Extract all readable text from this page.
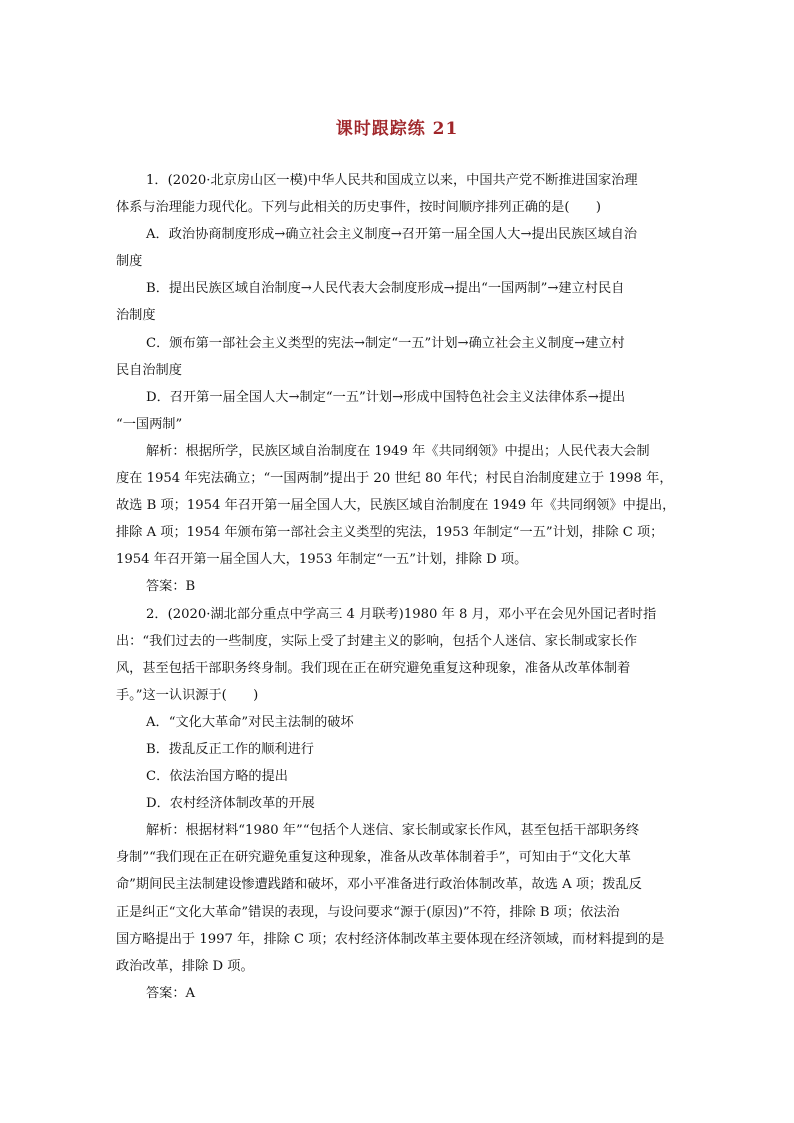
课时跟踪练 21
1．(2020·北京房山区一模)中华人民共和国成立以来，中国共产党不断推进国家治理
体系与治理能力现代化。下列与此相关的历史事件，按时间顺序排列正确的是(　　)
A．政治协商制度形成→确立社会主义制度→召开第一届全国人大→提出民族区域自治
制度
B．提出民族区域自治制度→人民代表大会制度形成→提出“一国两制”→建立村民自
治制度
C．颁布第一部社会主义类型的宪法→制定“一五”计划→确立社会主义制度→建立村
民自治制度
D．召开第一届全国人大→制定“一五”计划→形成中国特色社会主义法律体系→提出
“一国两制”
解析：根据所学，民族区域自治制度在 1949 年《共同纲领》中提出；人民代表大会制
度在 1954 年宪法确立；“一国两制”提出于 20 世纪 80 年代；村民自治制度建立于 1998 年，
故选 B 项；1954 年召开第一届全国人大，民族区域自治制度在 1949 年《共同纲领》中提出，
排除 A 项；1954 年颁布第一部社会主义类型的宪法，1953 年制定“一五”计划，排除 C 项；
1954 年召开第一届全国人大，1953 年制定“一五”计划，排除 D 项。
答案：B
2．(2020·湖北部分重点中学高三 4 月联考)1980 年 8 月，邓小平在会见外国记者时指
出：“我们过去的一些制度，实际上受了封建主义的影响，包括个人迷信、家长制或家长作
风，甚至包括干部职务终身制。我们现在正在研究避免重复这种现象，准备从改革体制着
手。”这一认识源于(　　)
A．“文化大革命”对民主法制的破坏
B．拨乱反正工作的顺利进行
C．依法治国方略的提出
D．农村经济体制改革的开展
解析：根据材料“1980 年”“包括个人迷信、家长制或家长作风，甚至包括干部职务终
身制”“我们现在正在研究避免重复这种现象，准备从改革体制着手”，可知由于“文化大革
命”期间民主法制建设惨遭践踏和破坏，邓小平准备进行政治体制改革，故选 A 项；拨乱反
正是纠正“文化大革命”错误的表现，与设问要求“源于(原因)”不符，排除 B 项；依法治
国方略提出于 1997 年，排除 C 项；农村经济体制改革主要体现在经济领域，而材料提到的是
政治改革，排除 D 项。
答案：A
